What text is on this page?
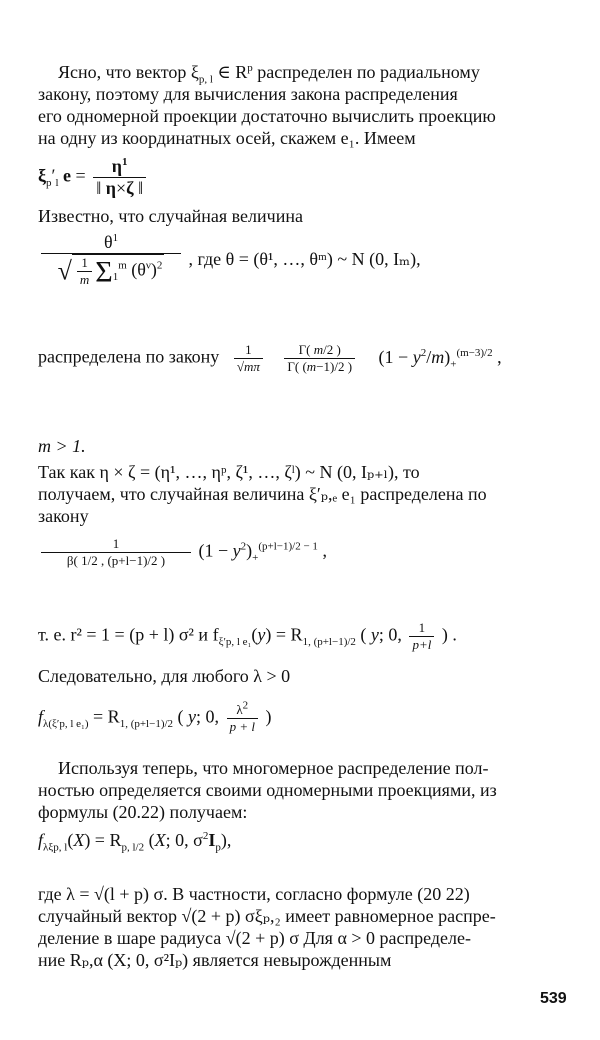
Ясно, что вектор $\xi_{p, l}$ ∈ $R^p$ распределен по радиальному
закону, поэтому для вычисления закона распределения
его одномерной проекции достаточно вычислить проекцию
на одну из координатных осей, скажем e₁. Имеем
$\xi_p'_l$ $e = \frac{\eta^1}{‖ \eta\times\zeta ‖}$
Известно, что случайная величина
$\frac{\theta^1}{√ \frac{1}{m} \Sigma_1^m (\theta^\nu)^2}$ , где θ = (θ¹, …, θᵐ) ~ N (0, Iₘ),
распределена по закону $\frac{1}{√m\pi}$
$\frac{\Gamma( m/2 )}{\Gamma( (m-1)/2 )} (1 - y^2/m)_+^{(m-3)/2}$ ,
m > 1.
Так как η × ζ = (η¹, …, ηᵖ, ζ¹, …, ζˡ) ~ N (0, Iₚ₊ₗ), то
получаем, что случайная величина ξ′ₚ,ₑ e₁ распределена по
закону
$\frac{1}{\beta( 1/2 , (p+l-1)/2 )} (1 - y^2)_+^{(p+l-1)/2 - 1}$ ,
т. е. r² = 1 = (p + l) σ² и $f_{\xi'p, l e_1}(y) = R_{1, (p+l-1)/2}$ ( y; 0, $\frac{1}{p+l}$ ) .
Следовательно, для любого λ > 0
$f_{\lambda(\xi'p, l e_1)} = R_{1, (p+l-1)/2}$ ( y; 0, $\frac{\lambda^2}{p + l}$ )
Используя теперь, что многомерное распределение пол-
ностью определяется своими одномерными проекциями, из
формулы (20.22) получаем:
$f_{\lambda\xi p, l}(X) = R_{p, l/2}$ (X; 0, $\sigma^2I_p$),
где λ = √(l + p) σ. В частности, согласно формуле (20 22)
случайный вектор √(2 + p) σξₚ,₂ имеет равномерное распре-
деление в шаре радиуса √(2 + p) σ Для α > 0 распределе-
ние Rₚ,α (X; 0, σ²Iₚ) является невырожденным
539
